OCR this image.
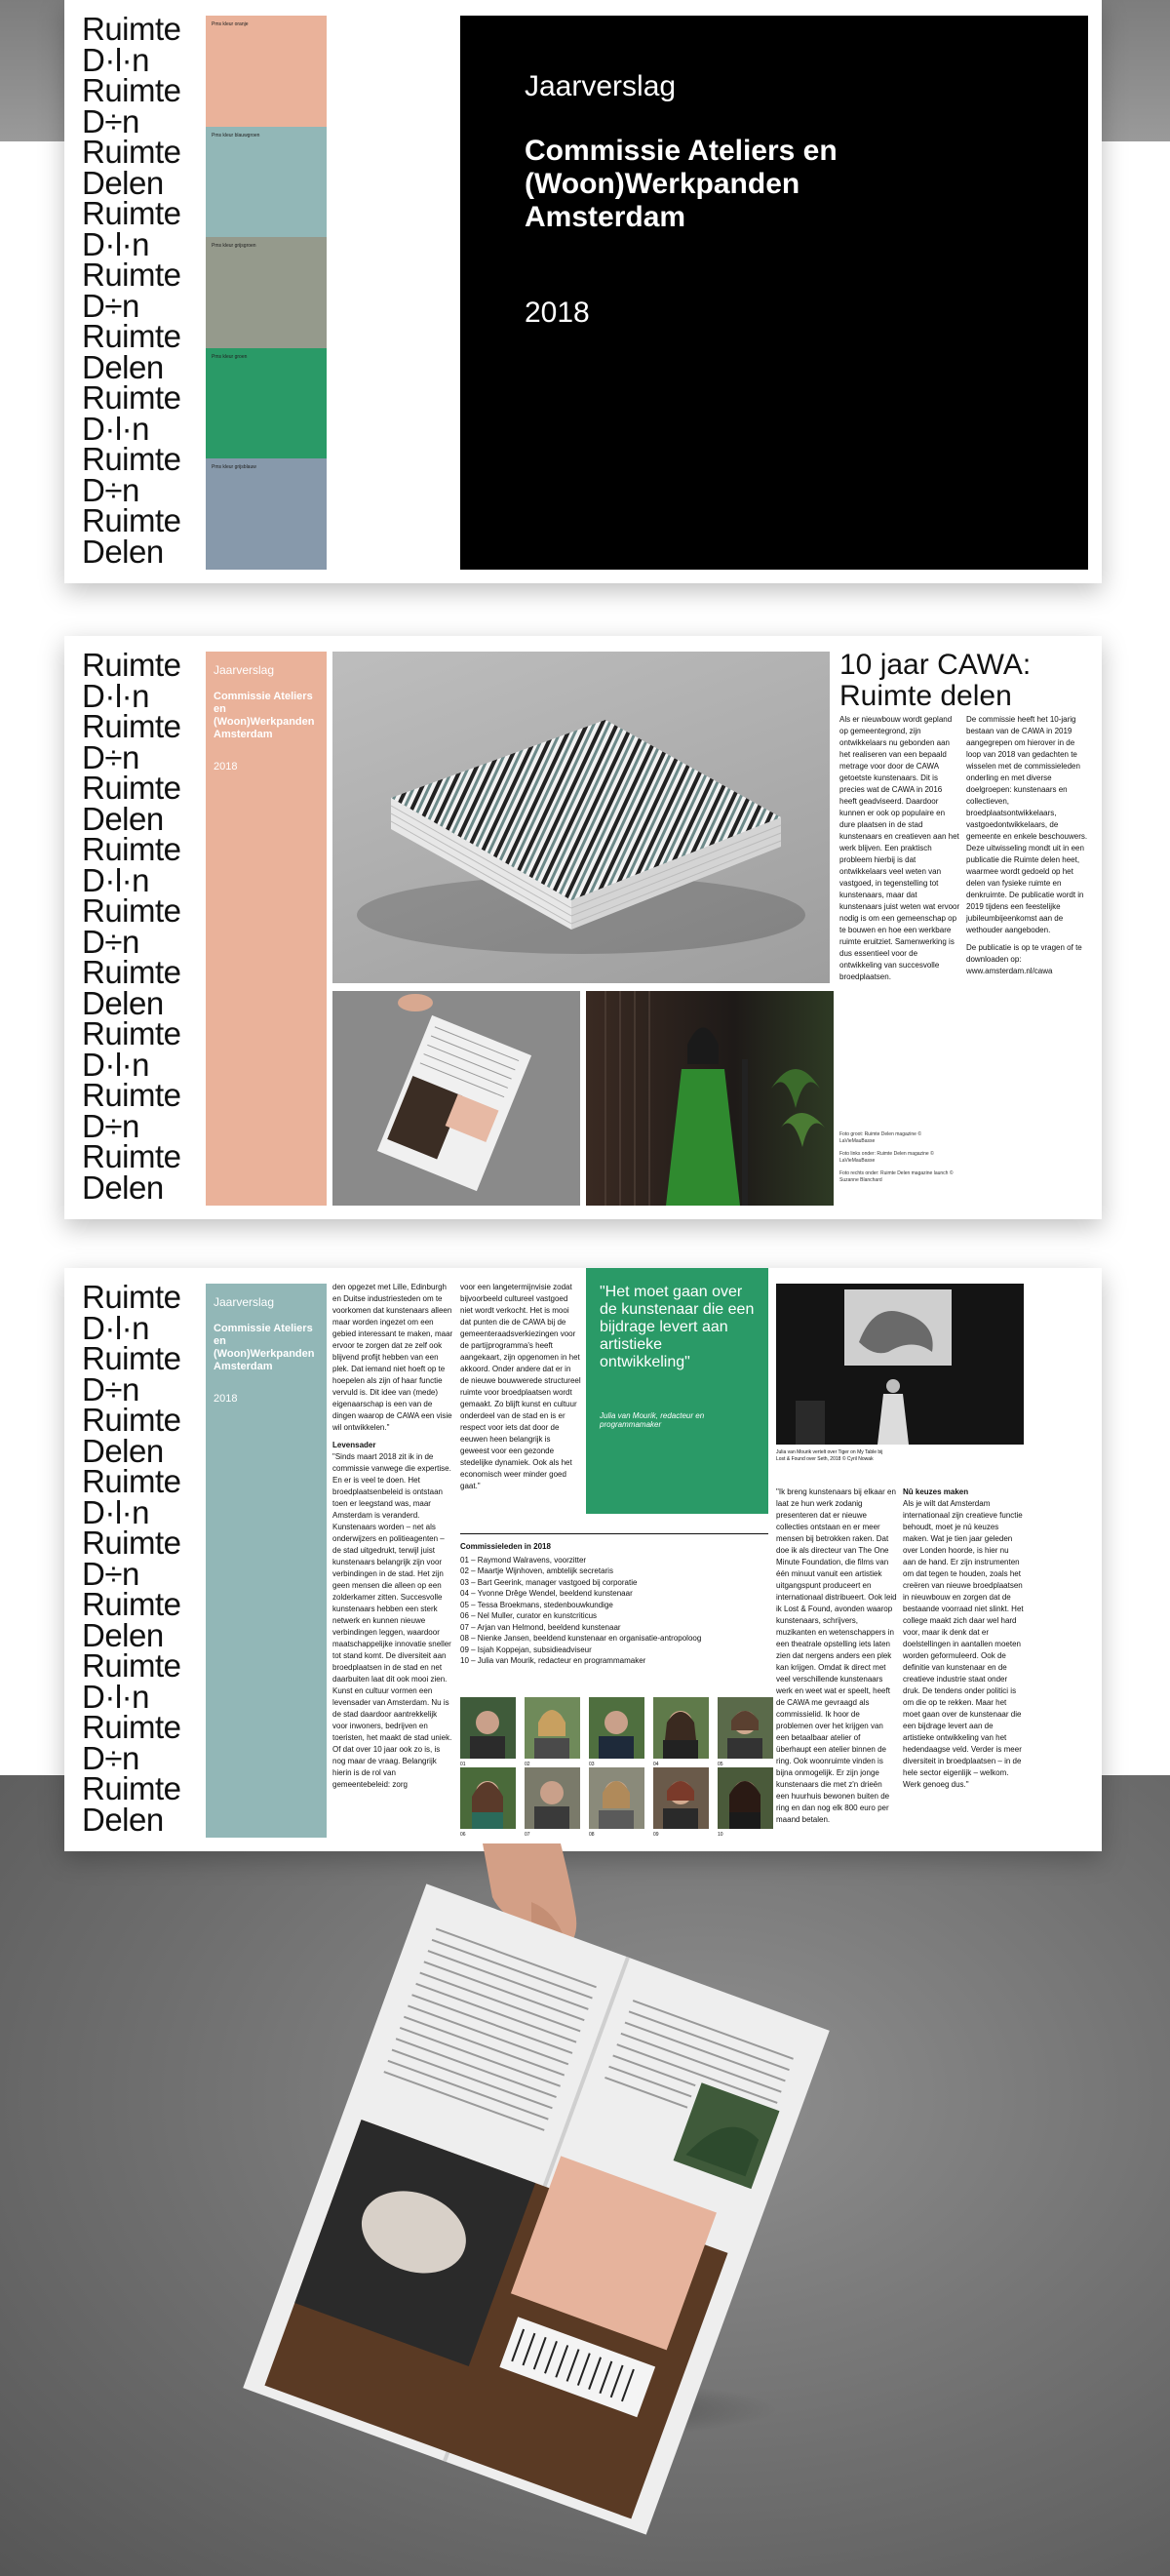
Ruimte
D·l·n
Ruimte
D÷n
Ruimte
Delen
Ruimte
D·l·n
Ruimte
D÷n
Ruimte
Delen
Ruimte
D·l·n
Ruimte
D÷n
Ruimte
Delen
Pms kleur oranje
Pms kleur blauwgroen
Pms kleur grijsgroen
Pms kleur groen
Pms kleur grijsblauw
Jaarverslag
Commissie Ateliers en (Woon)Werkpanden Amsterdam
2018
Ruimte
D·l·n
Ruimte
D÷n
Ruimte
Delen
Ruimte
D·l·n
Ruimte
D÷n
Ruimte
Delen
Ruimte
D·l·n
Ruimte
D÷n
Ruimte
Delen
Jaarverslag
Commissie Ateliers en (Woon)Werkpanden Amsterdam
2018
10 jaar CAWA: Ruimte delen

Als er nieuwbouw wordt gepland op gemeentegrond, zijn ontwikkelaars nu gebonden aan het realiseren van een bepaald metrage voor door de CAWA getoetste kunstenaars. Dit is precies wat de CAWA in 2016 heeft geadviseerd. Daardoor kunnen er ook op populaire en dure plaatsen in de stad kunstenaars en creatieven aan het werk blijven. Een praktisch probleem hierbij is dat ontwikkelaars veel weten van vastgoed, in tegenstelling tot kunstenaars, maar dat kunstenaars juist weten wat ervoor nodig is om een gemeenschap op te bouwen en hoe een werkbare ruimte eruitziet. Samenwerking is dus essentieel voor de ontwikkeling van succesvolle broedplaatsen.

De commissie heeft het 10-jarig bestaan van de CAWA in 2019 aangegrepen om hierover in de loop van 2018 van gedachten te wisselen met de commissieleden onderling en met diverse doelgroepen: kunstenaars en collectieven, broedplaatsontwikkelaars, vastgoedontwikkelaars, de gemeente en enkele beschouwers. Deze uitwisseling mondt uit in een publicatie die Ruimte delen heet, waarmee wordt gedoeld op het delen van fysieke ruimte en denkruimte. De publicatie wordt in 2019 tijdens een feestelijke jubileumbijeenkomst aan de wethouder aangeboden.

De publicatie is op te vragen of te downloaden op: www.amsterdam.nl/cawa

Foto groot: Ruimte Delen magazine © LaVieMauBasse
Foto links onder: Ruimte Delen magazine © LaVieMauBasse
Foto rechts onder: Ruimte Delen magazine launch © Suzanne Blanchard
Ruimte
D·l·n
Ruimte
D÷n
Ruimte
Delen
Ruimte
D·l·n
Ruimte
D÷n
Ruimte
Delen
Ruimte
D·l·n
Ruimte
D÷n
Ruimte
Delen
Jaarverslag
Commissie Ateliers en (Woon)Werkpanden Amsterdam
2018

den opgezet met Lille, Edinburgh en Duitse industriesteden om te voorkomen dat kunstenaars alleen maar worden ingezet om een gebied interessant te maken, maar ervoor te zorgen dat ze zelf ook blijvend profijt hebben van een plek. Dat iemand niet hoeft op te hoepelen als zijn of haar functie vervuld is. Dit idee van (mede) eigenaarschap is een van de dingen waarop de CAWA een visie wil ontwikkelen."

Levensader

"Sinds maart 2018 zit ik in de commissie vanwege die expertise. En er is veel te doen. Het broedplaatsenbeleid is ontstaan toen er leegstand was, maar Amsterdam is veranderd. Kunstenaars worden – net als onderwijzers en politieagenten – de stad uitgedrukt, terwijl juist kunstenaars belangrijk zijn voor verbindingen in de stad. Het zijn geen mensen die alleen op een zolderkamer zitten. Succesvolle kunstenaars hebben een sterk netwerk en kunnen nieuwe verbindingen leggen, waardoor maatschappelijke innovatie sneller tot stand komt. De diversiteit aan broedplaatsen in de stad en net daarbuiten laat dit ook mooi zien. Kunst en cultuur vormen een levensader van Amsterdam. Nu is de stad daardoor aantrekkelijk voor inwoners, bedrijven en toeristen, het maakt de stad uniek. Of dat over 10 jaar ook zo is, is nog maar de vraag. Belangrijk hierin is de rol van gemeentebeleid: zorg

voor een langetermijnvisie zodat bijvoorbeeld cultureel vastgoed niet wordt verkocht. Het is mooi dat punten die de CAWA bij de gemeenteraadsverkiezingen voor de partijprogramma's heeft aangekaart, zijn opgenomen in het akkoord. Onder andere dat er in de nieuwe bouwwerede structureel ruimte voor broedplaatsen wordt gemaakt. Zo blijft kunst en cultuur onderdeel van de stad en is er respect voor iets dat door de eeuwen heen belangrijk is geweest voor een gezonde stedelijke dynamiek. Ook als het economisch weer minder goed gaat."

"Het moet gaan over de kunstenaar die een bijdrage levert aan artistieke ontwikkeling"
Julia van Mourik, redacteur en programmamaker
Commissieleden in 2018
01 – Raymond Walravens, voorzitter
02 – Maartje Wijnhoven, ambtelijk secretaris
03 – Bart Geerink, manager vastgoed bij corporatie
04 – Yvonne Drêge Wendel, beeldend kunstenaar
05 – Tessa Broekmans, stedenbouwkundige
06 – Nel Muller, curator en kunstcriticus
07 – Arjan van Helmond, beeldend kunstenaar
08 – Nienke Jansen, beeldend kunstenaar en organisatie-antropoloog
09 – Isjah Koppejan, subsidieadviseur
10 – Julia van Mourik, redacteur en programmamaker
01	02	03	04	05
06	07	08	09	10

"Ik breng kunstenaars bij elkaar en laat ze hun werk zodanig presenteren dat er nieuwe collecties ontstaan en er meer mensen bij betrokken raken. Dat doe ik als directeur van The One Minute Foundation, die films van één minuut vanuit een artistiek uitgangspunt produceert en internationaal distribueert. Ook leid ik Lost & Found, avonden waarop kunstenaars, schrijvers, muzikanten en wetenschappers in een theatrale opstelling iets laten zien dat nergens anders een plek kan krijgen. Omdat ik direct met veel verschillende kunstenaars werk en weet wat er speelt, heeft de CAWA me gevraagd als commissielid. Ik hoor de problemen over het krijgen van een betaalbaar atelier of überhaupt een atelier binnen de ring. Ook woonruimte vinden is bijna onmogelijk. Er zijn jonge kunstenaars die met z'n drieën een huurhuis bewonen buiten de ring en dan nog elk 800 euro per maand betalen.

Julia van Mourik vertelt over Tiger on My Table bij Lost & Found over Seth, 2018 © Cyril Nowak

Nû keuzes maken

Als je wilt dat Amsterdam internationaal zijn creatieve functie behoudt, moet je nú keuzes maken. Wat je tien jaar geleden over Londen hoorde, is hier nu aan de hand. Er zijn instrumenten om dat tegen te houden, zoals het creëren van nieuwe broedplaatsen in nieuwbouw en zorgen dat de bestaande voorraad niet slinkt. Het college maakt zich daar wel hard voor, maar ik denk dat er doelstellingen in aantallen moeten worden geformuleerd. Ook de definitie van kunstenaar en de creatieve industrie staat onder druk. De tendens onder politici is om die op te rekken. Maar het moet gaan over de kunstenaar die een bijdrage levert aan de artistieke ontwikkeling van het hedendaagse veld. Verder is meer diversiteit in broedplaatsen – in de hele sector eigenlijk – welkom. Werk genoeg dus."
